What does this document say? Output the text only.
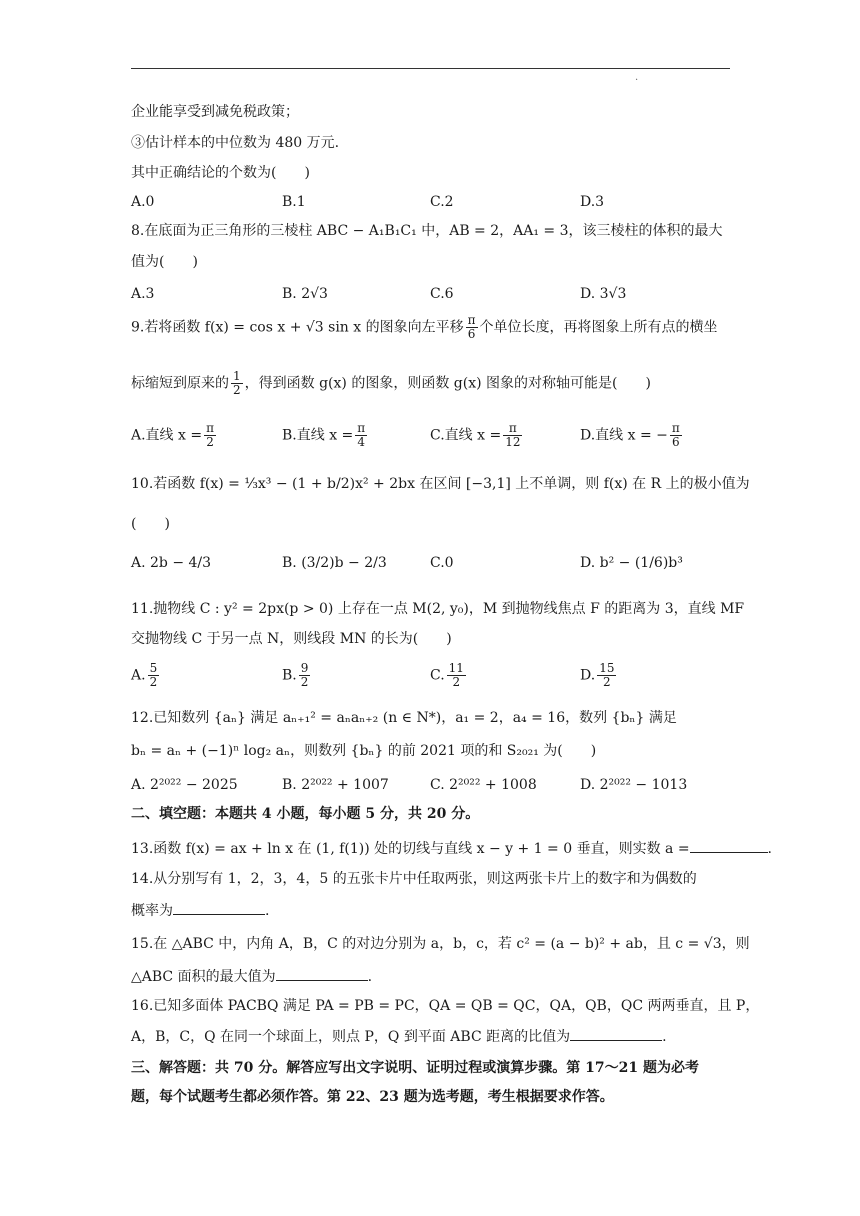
.
企业能享受到减免税政策；
③估计样本的中位数为 480 万元.
其中正确结论的个数为(　　)
A.0	B.1	C.2	D.3
8.在底面为正三角形的三棱柱 ABC − A₁B₁C₁ 中，AB = 2，AA₁ = 3，该三棱柱的体积的最大
值为(　　)
A.3	B. 2√3	C.6	D. 3√3
9.若将函数 f(x) = cos x + √3 sin x 的图象向左平移 $\frac{\pi}{6}$ 个单位长度，再将图象上所有点的横坐
标缩短到原来的 $\frac{1}{2}$ ，得到函数 g(x) 的图象，则函数 g(x) 图象的对称轴可能是(　　)
A.直线 $x = \frac{\pi}{2}$	B.直线 $x = \frac{\pi}{4}$	C.直线 $x = \frac{\pi}{12}$	D.直线 x = − $\frac{\pi}{6}$
10.若函数 f(x) = ⅓x³ − (1 + b/2)x² + 2bx 在区间 [−3,1] 上不单调，则 f(x) 在 R 上的极小值为
(　　)
A. 2b − 4/3	B. (3/2)b − 2/3	C.0	D. b² − (1/6)b³
11.抛物线 C : y² = 2px(p > 0) 上存在一点 M(2, y₀)，M 到抛物线焦点 F 的距离为 3，直线 MF
交抛物线 C 于另一点 N，则线段 MN 的长为(　　)
A. $\frac{5}{2}$	B. $\frac{9}{2}$	C. $\frac{11}{2}$	D. $\frac{15}{2}$
12.已知数列 {aₙ} 满足 aₙ₊₁² = aₙaₙ₊₂ (n ∈ N*)，a₁ = 2，a₄ = 16，数列 {bₙ} 满足
bₙ = aₙ + (−1)ⁿ log₂ aₙ，则数列 {bₙ} 的前 2021 项的和 S₂₀₂₁ 为(　　)
A. 2²⁰²² − 2025	B. 2²⁰²² + 1007	C. 2²⁰²² + 1008	D. 2²⁰²² − 1013
二、填空题：本题共 4 小题，每小题 5 分，共 20 分。
13.函数 f(x) = ax + ln x 在 (1, f(1)) 处的切线与直线 x − y + 1 = 0 垂直，则实数 a =	.
14.从分别写有 1，2，3，4，5 的五张卡片中任取两张，则这两张卡片上的数字和为偶数的
概率为	.
15.在 △ABC 中，内角 A，B，C 的对边分别为 a，b，c，若 c² = (a − b)² + ab，且 c = √3，则
△ABC 面积的最大值为	.
16.已知多面体 PACBQ 满足 PA = PB = PC，QA = QB = QC，QA，QB，QC 两两垂直，且 P，
A，B，C，Q 在同一个球面上，则点 P，Q 到平面 ABC 距离的比值为	.
三、解答题：共 70 分。解答应写出文字说明、证明过程或演算步骤。第 17～21 题为必考
题，每个试题考生都必须作答。第 22、23 题为选考题，考生根据要求作答。
